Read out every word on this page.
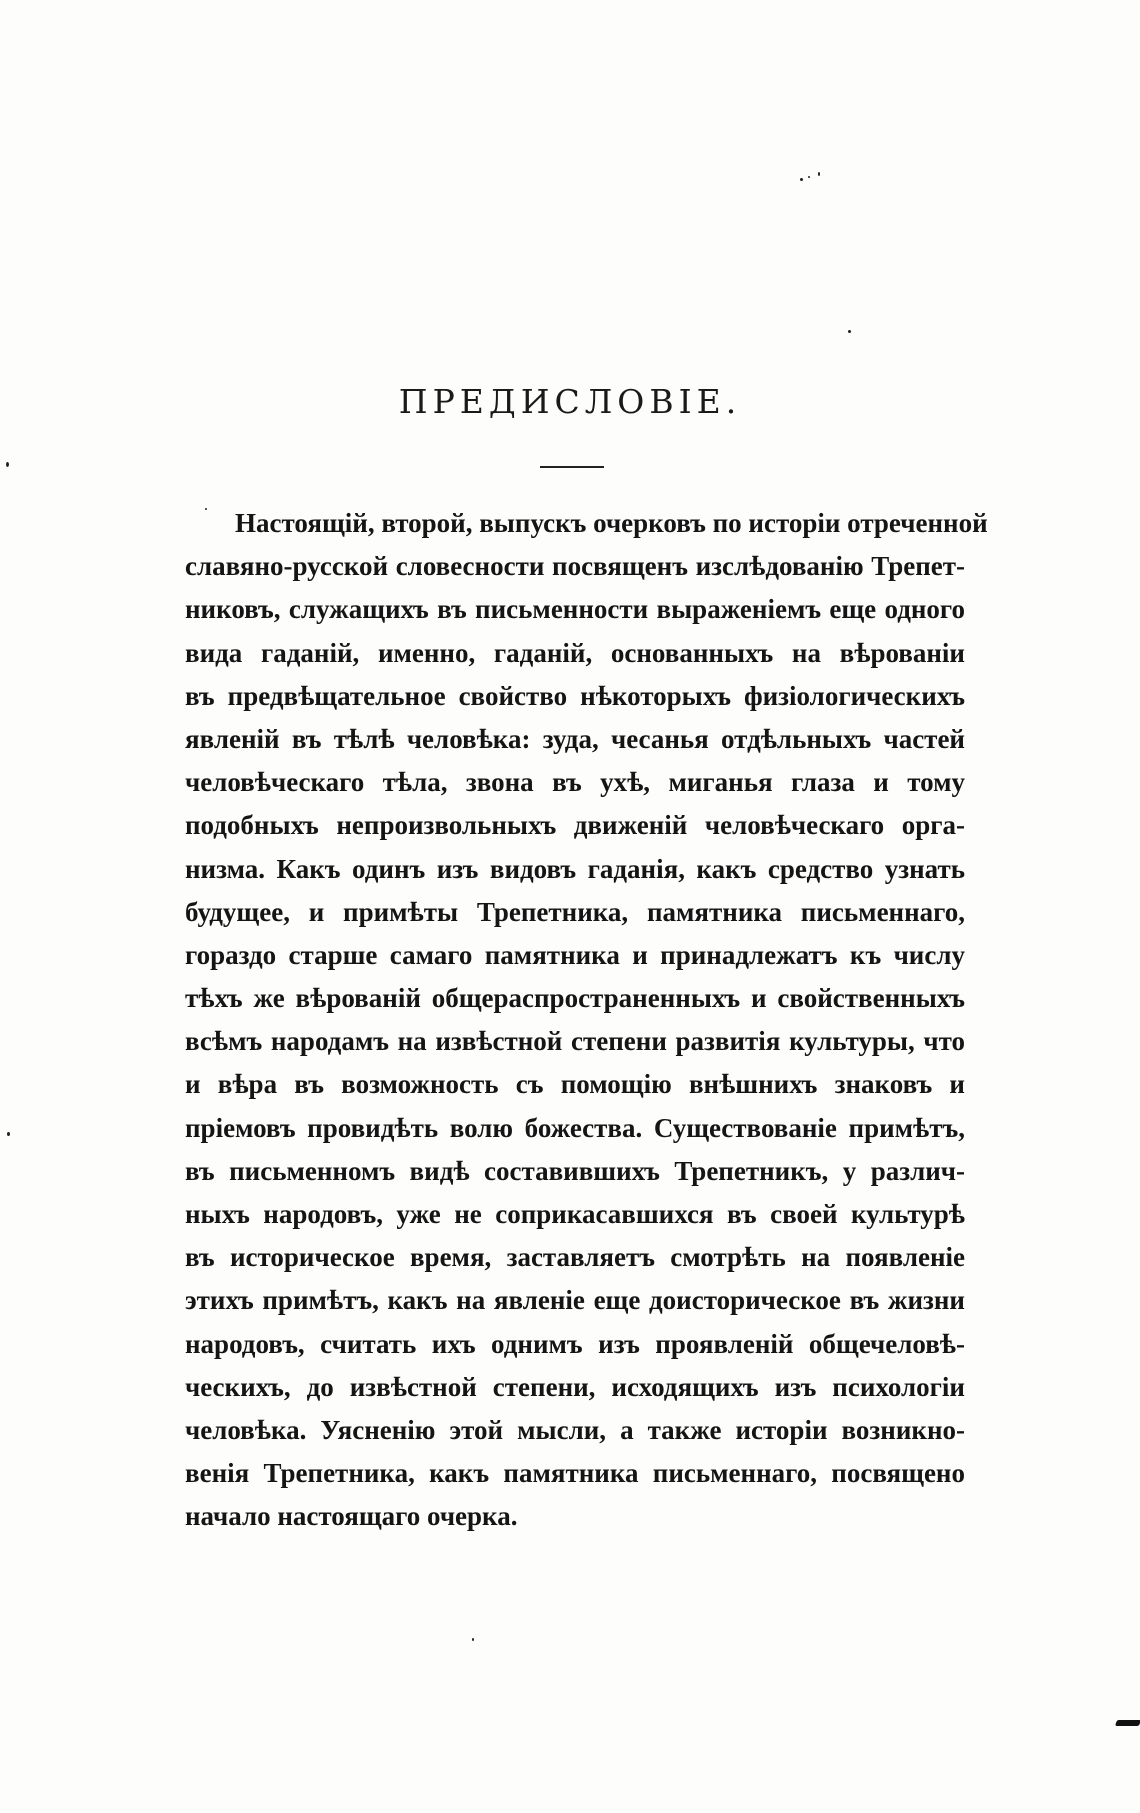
ПРЕДИСЛОВІЕ.
Настоящій, второй, выпускъ очерковъ по исторіи отреченной
славяно-русской словесности посвященъ изслѣдованію Трепет-
никовъ, служащихъ въ письменности выраженіемъ еще одного
вида гаданій, именно, гаданій, основанныхъ на вѣрованіи
въ предвѣщательное свойство нѣкоторыхъ физіологическихъ
явленій въ тѣлѣ человѣка: зуда, чесанья отдѣльныхъ частей
человѣческаго тѣла, звона въ ухѣ, миганья глаза и тому
подобныхъ непроизвольныхъ движеній человѣческаго орга-
низма. Какъ одинъ изъ видовъ гаданія, какъ средство узнать
будущее, и примѣты Трепетника, памятника письменнаго,
гораздо старше самаго памятника и принадлежатъ къ числу
тѣхъ же вѣрованій общераспространенныхъ и свойственныхъ
всѣмъ народамъ на извѣстной степени развитія культуры, что
и вѣра въ возможность съ помощію внѣшнихъ знаковъ и
пріемовъ провидѣть волю божества. Существованіе примѣтъ,
въ письменномъ видѣ составившихъ Трепетникъ, у различ-
ныхъ народовъ, уже не соприкасавшихся въ своей культурѣ
въ историческое время, заставляетъ смотрѣть на появленіе
этихъ примѣтъ, какъ на явленіе еще доисторическое въ жизни
народовъ, считать ихъ однимъ изъ проявленій общечеловѣ-
ческихъ, до извѣстной степени, исходящихъ изъ психологіи
человѣка. Уясненію этой мысли, а также исторіи возникно-
венія Трепетника, какъ памятника письменнаго, посвящено
начало настоящаго очерка.
